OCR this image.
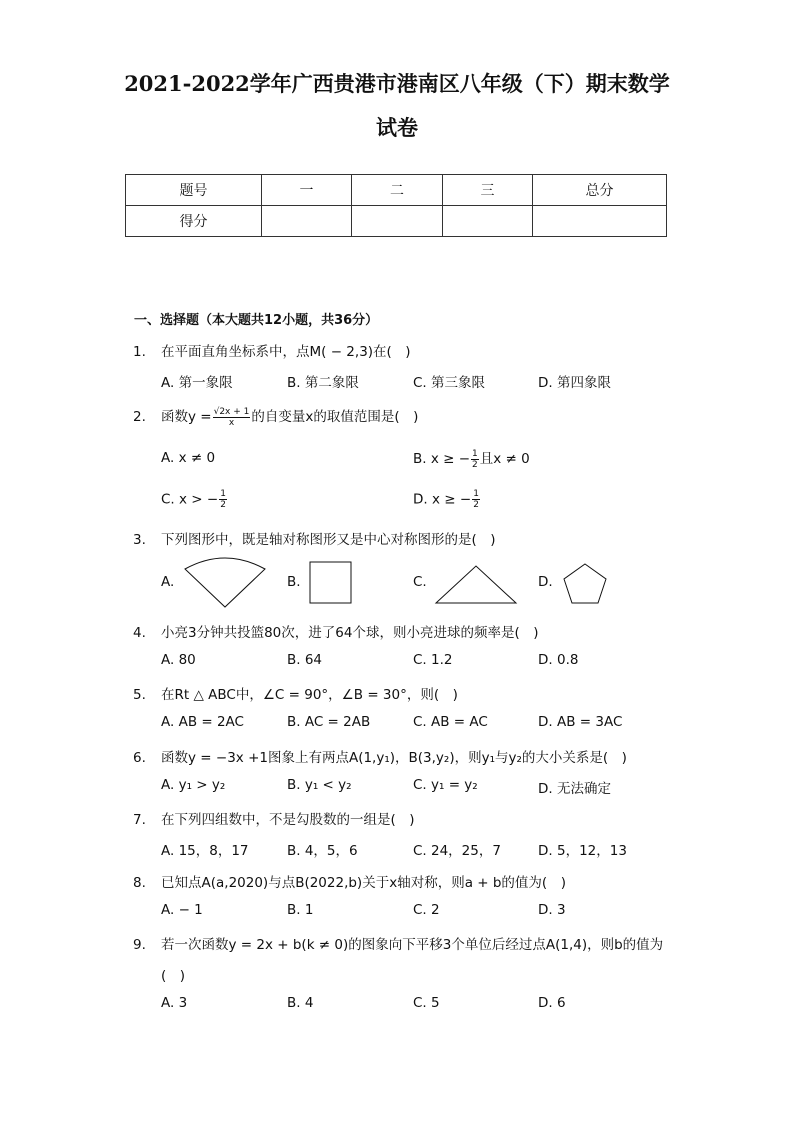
2021-2022学年广西贵港市港南区八年级（下）期末数学
试卷
题号	一	二	三	总分
得分				
一、选择题（本大题共12小题，共36分）
1. 在平面直角坐标系中，点M( − 2,3)在(　)
A. 第一象限	B. 第二象限	C. 第三象限	D. 第四象限
2. 函数$y = \frac{√2x + 1}{x}$ 的自变量x的取值范围是(　)
A. x ≠ 0	B. x ≥ − $\frac{1}{2}$ 且x ≠ 0
C. x > − $\frac{1}{2}$	D. x ≥ − $\frac{1}{2}$
3. 下列图形中，既是轴对称图形又是中心对称图形的是(　)
A.	B.	C.	D.
4. 小亮3分钟共投篮80次，进了64个球，则小亮进球的频率是(　)
A. 80	B. 64	C. 1.2	D. 0.8
5. 在Rt △ ABC中，∠C = 90°，∠B = 30°，则(　)
A. AB = 2AC	B. AC = 2AB	C. AB = AC	D. AB = 3AC
6. 函数y = −3x +1图象上有两点A(1,y₁)，B(3,y₂)，则y₁与y₂的大小关系是(　)
A. y₁ > y₂	B. y₁ < y₂	C. y₁ = y₂	D. 无法确定
7. 在下列四组数中，不是勾股数的一组是(　)
A. 15，8，17	B. 4，5，6	C. 24，25，7	D. 5，12，13
8. 已知点A(a,2020)与点B(2022,b)关于x轴对称，则a + b的值为(　)
A. − 1	B. 1	C. 2	D. 3
9. 若一次函数y = 2x + b(k ≠ 0)的图象向下平移3个单位后经过点A(1,4)，则b的值为
(　)
A. 3	B. 4	C. 5	D. 6
